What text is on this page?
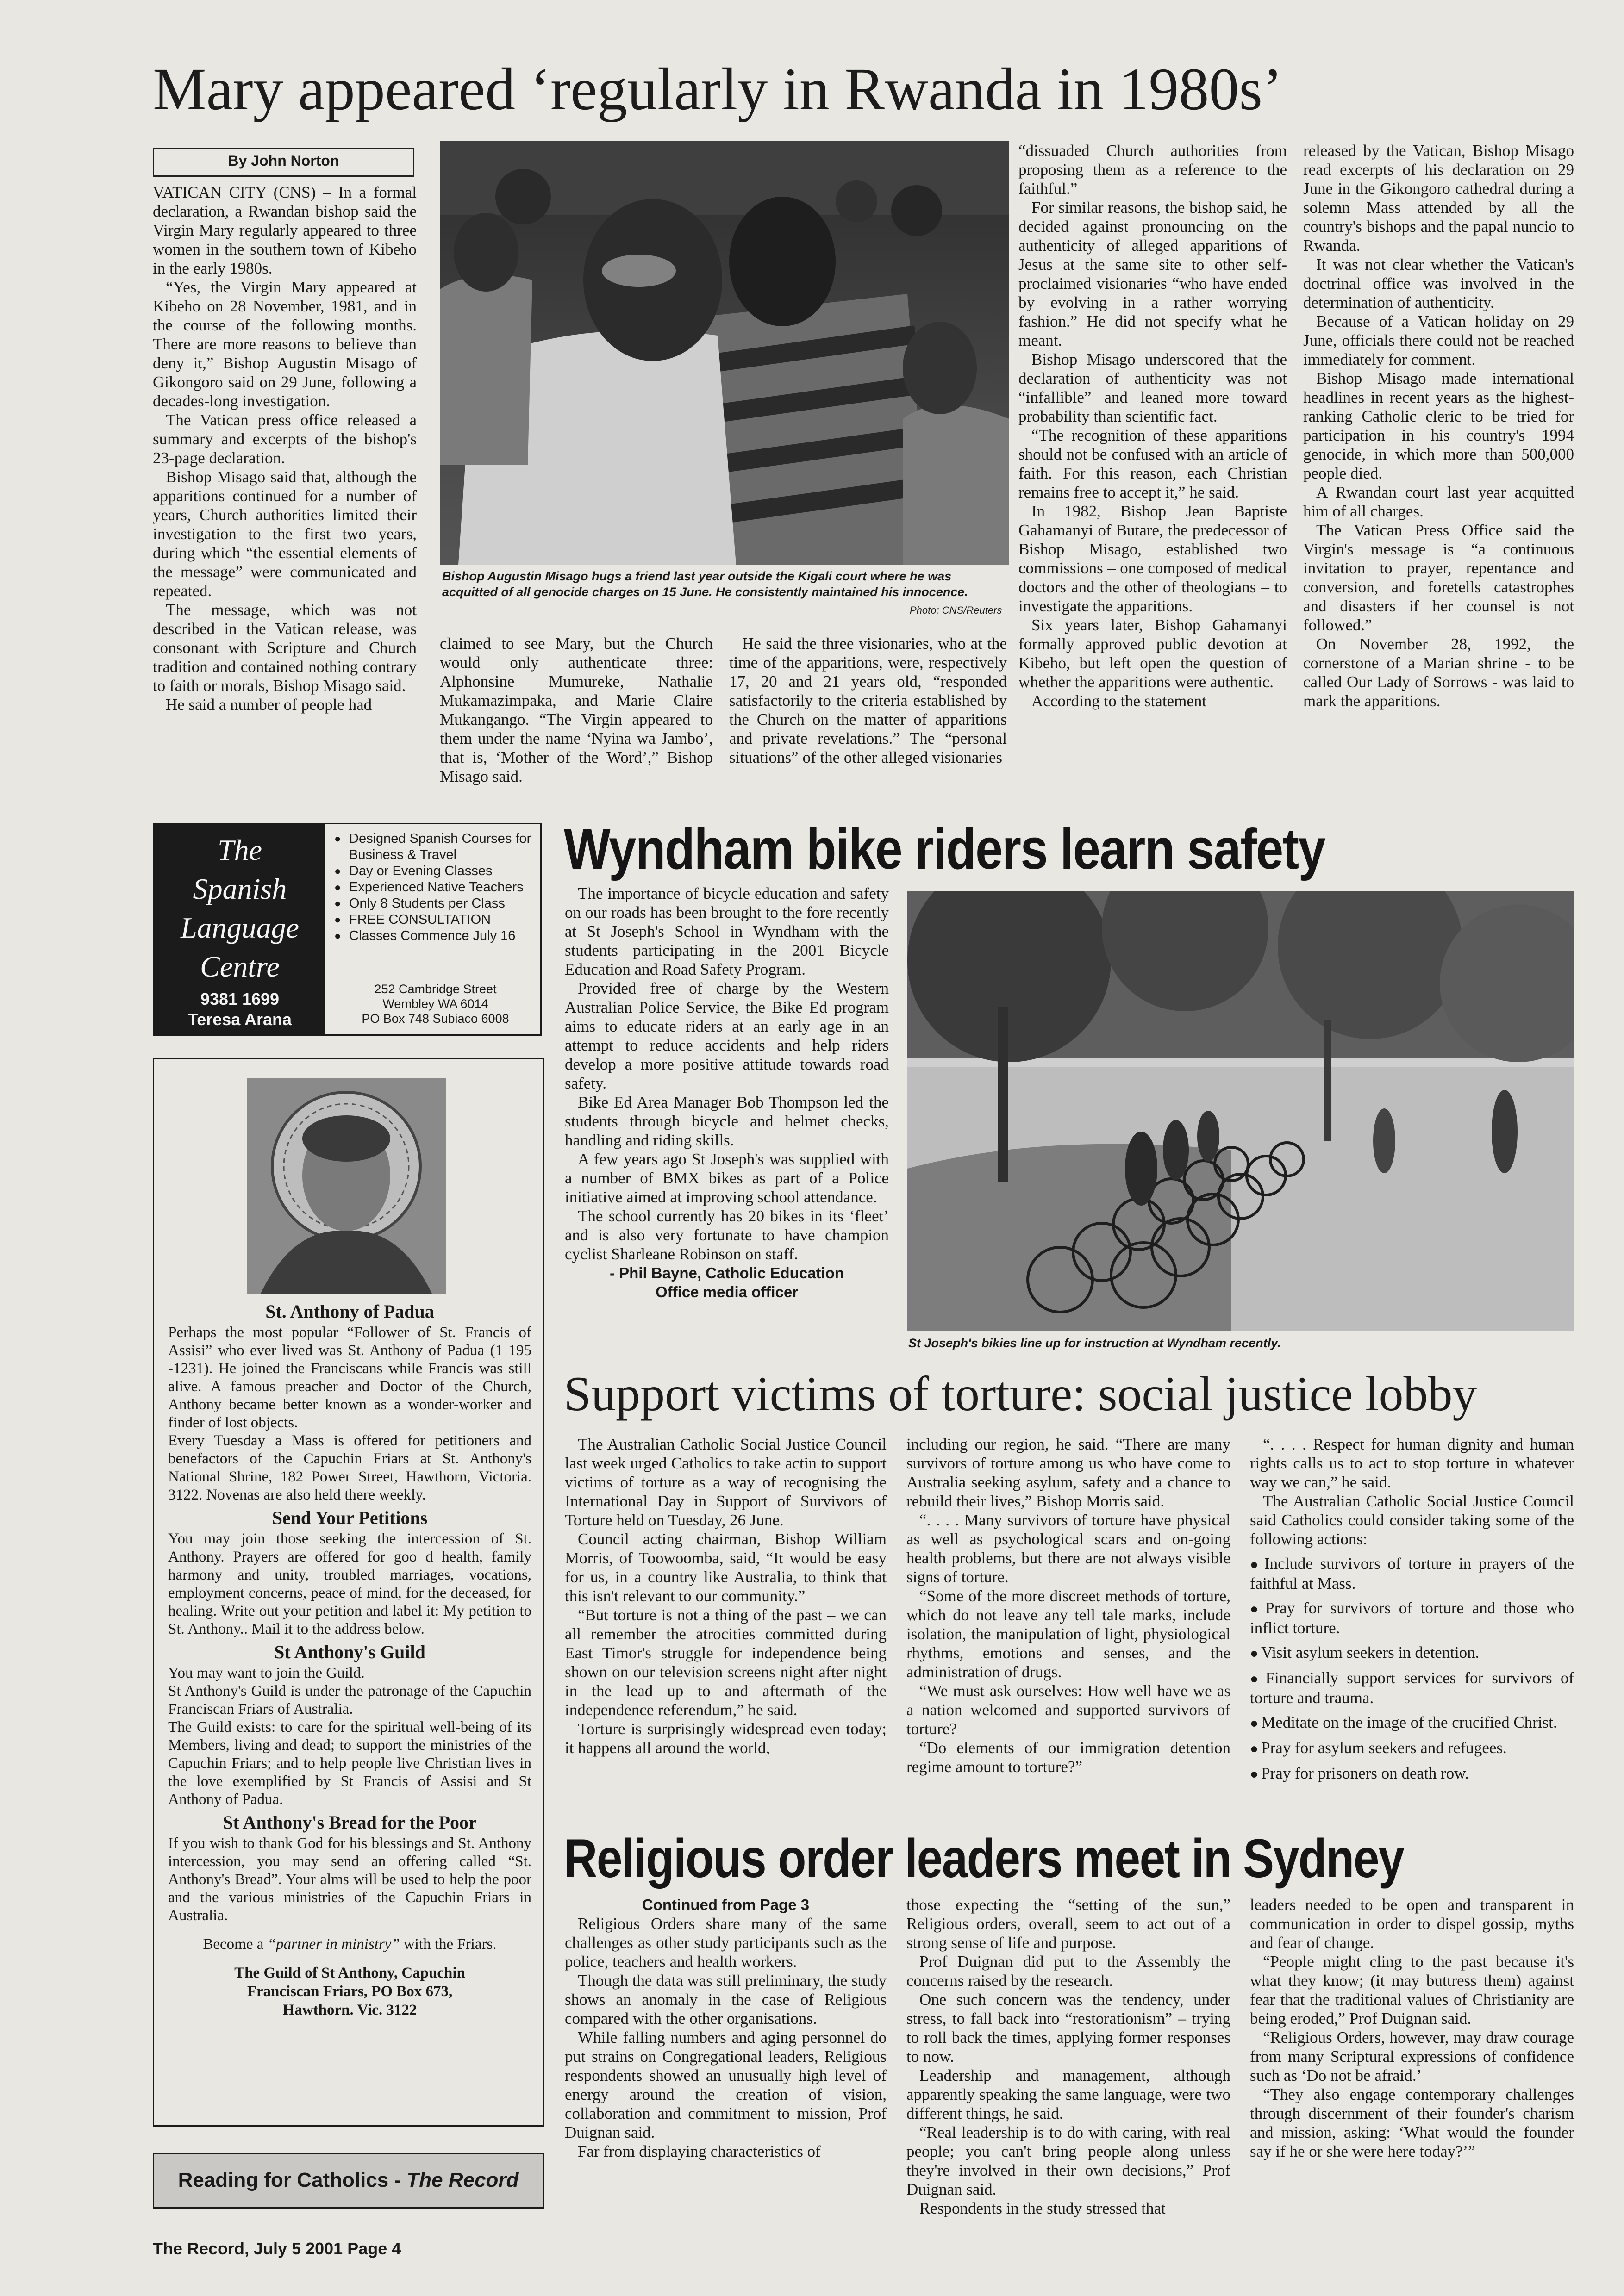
Mary appeared ‘regularly in Rwanda in 1980s’
By John Norton

VATICAN CITY (CNS) – In a formal declaration, a Rwandan bishop said the Virgin Mary regularly appeared to three women in the southern town of Kibeho in the early 1980s.

“Yes, the Virgin Mary appeared at Kibeho on 28 November, 1981, and in the course of the following months. There are more reasons to believe than deny it,” Bishop Augustin Misago of Gikongoro said on 29 June, following a decades-long investigation.

The Vatican press office released a summary and excerpts of the bishop's 23-page declaration.

Bishop Misago said that, although the apparitions continued for a number of years, Church authorities limited their investigation to the first two years, during which “the essential elements of the message” were communicated and repeated.

The message, which was not described in the Vatican release, was consonant with Scripture and Church tradition and contained nothing contrary to faith or morals, Bishop Misago said.

He said a number of people had

Bishop Augustin Misago hugs a friend last year outside the Kigali court where he was acquitted of all genocide charges on 15 June. He consistently maintained his innocence.
Photo: CNS/Reuters

claimed to see Mary, but the Church would only authenticate three: Alphonsine Mumureke, Nathalie Mukamazimpaka, and Marie Claire Mukangango. “The Virgin appeared to them under the name ‘Nyina wa Jambo’, that is, ‘Mother of the Word’,” Bishop Misago said.

He said the three visionaries, who at the time of the apparitions, were, respectively 17, 20 and 21 years old, “responded satisfactorily to the criteria established by the Church on the matter of apparitions and private revelations.” The “personal situations” of the other alleged visionaries

“dissuaded Church authorities from proposing them as a reference to the faithful.”

For similar reasons, the bishop said, he decided against pronouncing on the authenticity of alleged apparitions of Jesus at the same site to other self-proclaimed visionaries “who have ended by evolving in a rather worrying fashion.” He did not specify what he meant.

Bishop Misago underscored that the declaration of authenticity was not “infallible” and leaned more toward probability than scientific fact.

“The recognition of these apparitions should not be confused with an article of faith. For this reason, each Christian remains free to accept it,” he said.

In 1982, Bishop Jean Baptiste Gahamanyi of Butare, the predecessor of Bishop Misago, established two commissions – one composed of medical doctors and the other of theologians – to investigate the apparitions.

Six years later, Bishop Gahamanyi formally approved public devotion at Kibeho, but left open the question of whether the apparitions were authentic.

According to the statement

released by the Vatican, Bishop Misago read excerpts of his declaration on 29 June in the Gikongoro cathedral during a solemn Mass attended by all the country's bishops and the papal nuncio to Rwanda.

It was not clear whether the Vatican's doctrinal office was involved in the determination of authenticity.

Because of a Vatican holiday on 29 June, officials there could not be reached immediately for comment.

Bishop Misago made international headlines in recent years as the highest-ranking Catholic cleric to be tried for participation in his country's 1994 genocide, in which more than 500,000 people died.

A Rwandan court last year acquitted him of all charges.

The Vatican Press Office said the Virgin's message is “a continuous invitation to prayer, repentance and conversion, and foretells catastrophes and disasters if her counsel is not followed.”

On November 28, 1992, the cornerstone of a Marian shrine - to be called Our Lady of Sorrows - was laid to mark the apparitions.

The
Spanish
Language
Centre
9381 1699
Teresa Arana
● Designed Spanish Courses for Business & Travel
● Day or Evening Classes
● Experienced Native Teachers
● Only 8 Students per Class
● FREE CONSULTATION
● Classes Commence July 16
252 Cambridge Street
Wembley WA 6014
PO Box 748 Subiaco 6008
St. Anthony of Padua

Perhaps the most popular “Follower of St. Francis of Assisi” who ever lived was St. Anthony of Padua (1 195 -1231). He joined the Franciscans while Francis was still alive. A famous preacher and Doctor of the Church, Anthony became better known as a wonder-worker and finder of lost objects.

Every Tuesday a Mass is offered for petitioners and benefactors of the Capuchin Friars at St. Anthony's National Shrine, 182 Power Street, Hawthorn, Victoria. 3122. Novenas are also held there weekly.

Send Your Petitions

You may join those seeking the intercession of St. Anthony. Prayers are offered for goo d health, family harmony and unity, troubled marriages, vocations, employment concerns, peace of mind, for the deceased, for healing. Write out your petition and label it: My petition to St. Anthony.. Mail it to the address below.

St Anthony's Guild

You may want to join the Guild.

St Anthony's Guild is under the patronage of the Capuchin Franciscan Friars of Australia.

The Guild exists: to care for the spiritual well-being of its Members, living and dead; to support the ministries of the Capuchin Friars; and to help people live Christian lives in the love exemplified by St Francis of Assisi and St Anthony of Padua.

St Anthony's Bread for the Poor

If you wish to thank God for his blessings and St. Anthony intercession, you may send an offering called “St. Anthony's Bread”. Your alms will be used to help the poor and the various ministries of the Capuchin Friars in Australia.

Become a “partner in ministry” with the Friars.

The Guild of St Anthony, Capuchin
Franciscan Friars, PO Box 673,
Hawthorn. Vic. 3122
Reading for Catholics - The Record
Wyndham bike riders learn safety

The importance of bicycle education and safety on our roads has been brought to the fore recently at St Joseph's School in Wyndham with the students participating in the 2001 Bicycle Education and Road Safety Program.

Provided free of charge by the Western Australian Police Service, the Bike Ed program aims to educate riders at an early age in an attempt to reduce accidents and help riders develop a more positive attitude towards road safety.

Bike Ed Area Manager Bob Thompson led the students through bicycle and helmet checks, handling and riding skills.

A few years ago St Joseph's was supplied with a number of BMX bikes as part of a Police initiative aimed at improving school attendance.

The school currently has 20 bikes in its ‘fleet’ and is also very fortunate to have champion cyclist Sharleane Robinson on staff.

- Phil Bayne, Catholic Education
Office media officer

St Joseph's bikies line up for instruction at Wyndham recently.
Support victims of torture: social justice lobby

The Australian Catholic Social Justice Council last week urged Catholics to take actin to support victims of torture as a way of recognising the International Day in Support of Survivors of Torture held on Tuesday, 26 June.

Council acting chairman, Bishop William Morris, of Toowoomba, said, “It would be easy for us, in a country like Australia, to think that this isn't relevant to our community.”

“But torture is not a thing of the past – we can all remember the atrocities committed during East Timor's struggle for independence being shown on our television screens night after night in the lead up to and aftermath of the independence referendum,” he said.

Torture is surprisingly widespread even today; it happens all around the world,

including our region, he said. “There are many survivors of torture among us who have come to Australia seeking asylum, safety and a chance to rebuild their lives,” Bishop Morris said.

“. . . . Many survivors of torture have physical as well as psychological scars and on-going health problems, but there are not always visible signs of torture.

“Some of the more discreet methods of torture, which do not leave any tell tale marks, include isolation, the manipulation of light, physiological rhythms, emotions and senses, and the administration of drugs.

“We must ask ourselves: How well have we as a nation welcomed and supported survivors of torture?

“Do elements of our immigration detention regime amount to torture?”

“. . . . Respect for human dignity and human rights calls us to act to stop torture in whatever way we can,” he said.

The Australian Catholic Social Justice Council said Catholics could consider taking some of the following actions:

● Include survivors of torture in prayers of the faithful at Mass.

● Pray for survivors of torture and those who inflict torture.

● Visit asylum seekers in detention.

● Financially support services for survivors of torture and trauma.

● Meditate on the image of the crucified Christ.

● Pray for asylum seekers and refugees.

● Pray for prisoners on death row.

Religious order leaders meet in Sydney

Continued from Page 3

Religious Orders share many of the same challenges as other study participants such as the police, teachers and health workers.

Though the data was still preliminary, the study shows an anomaly in the case of Religious compared with the other organisations.

While falling numbers and aging personnel do put strains on Congregational leaders, Religious respondents showed an unusually high level of energy around the creation of vision, collaboration and commitment to mission, Prof Duignan said.

Far from displaying characteristics of

those expecting the “setting of the sun,” Religious orders, overall, seem to act out of a strong sense of life and purpose.

Prof Duignan did put to the Assembly the concerns raised by the research.

One such concern was the tendency, under stress, to fall back into “restorationism” – trying to roll back the times, applying former responses to now.

Leadership and management, although apparently speaking the same language, were two different things, he said.

“Real leadership is to do with caring, with real people; you can't bring people along unless they're involved in their own decisions,” Prof Duignan said.

Respondents in the study stressed that

leaders needed to be open and transparent in communication in order to dispel gossip, myths and fear of change.

“People might cling to the past because it's what they know; (it may buttress them) against fear that the traditional values of Christianity are being eroded,” Prof Duignan said.

“Religious Orders, however, may draw courage from many Scriptural expressions of confidence such as ‘Do not be afraid.’

“They also engage contemporary challenges through discernment of their founder's charism and mission, asking: ‘What would the founder say if he or she were here today?’”

The Record, July 5 2001 Page 4
